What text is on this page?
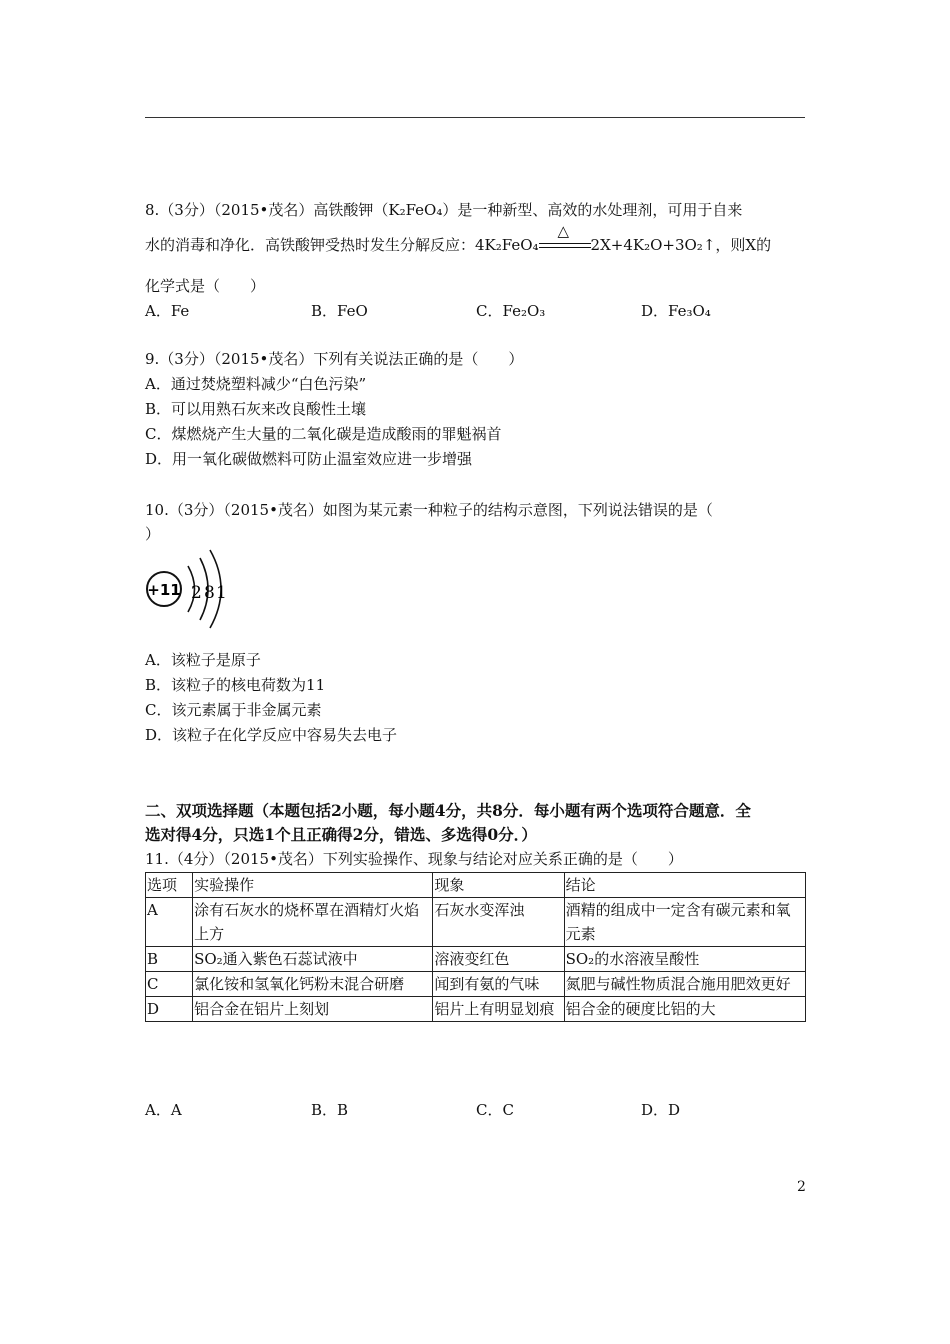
8.（3分）（2015•茂名）高铁酸钾（K₂FeO₄）是一种新型、高效的水处理剂，可用于自来
水的消毒和净化．高铁酸钾受热时发生分解反应：4K₂FeO₄
△
2X+4K₂O+3O₂↑，则X的
化学式是（　　）
A．Fe	B．FeO	C．Fe₂O₃	D．Fe₃O₄
9.（3分）（2015•茂名）下列有关说法正确的是（　　）
A．通过焚烧塑料减少“白色污染”
B．可以用熟石灰来改良酸性土壤
C．煤燃烧产生大量的二氧化碳是造成酸雨的罪魁祸首
D．用一氧化碳做燃料可防止温室效应进一步增强
10.（3分）（2015•茂名）如图为某元素一种粒子的结构示意图，下列说法错误的是（
）
+11 2 8 1
A．该粒子是原子
B．该粒子的核电荷数为11
C．该元素属于非金属元素
D．该粒子在化学反应中容易失去电子
二、双项选择题（本题包括2小题，每小题4分，共8分．每小题有两个选项符合题意．全
选对得4分，只选1个且正确得2分，错选、多选得0分．）
11.（4分）（2015•茂名）下列实验操作、现象与结论对应关系正确的是（　　）
选项	实验操作	现象	结论
A	涂有石灰水的烧杯罩在酒精灯火焰上方	石灰水变浑浊	酒精的组成中一定含有碳元素和氧元素
B	SO₂通入紫色石蕊试液中	溶液变红色	SO₂的水溶液呈酸性
C	氯化铵和氢氧化钙粉末混合研磨	闻到有氨的气味	氮肥与碱性物质混合施用肥效更好
D	铝合金在铝片上刻划	铝片上有明显划痕	铝合金的硬度比铝的大
A．A	B．B	C．C	D．D
2
